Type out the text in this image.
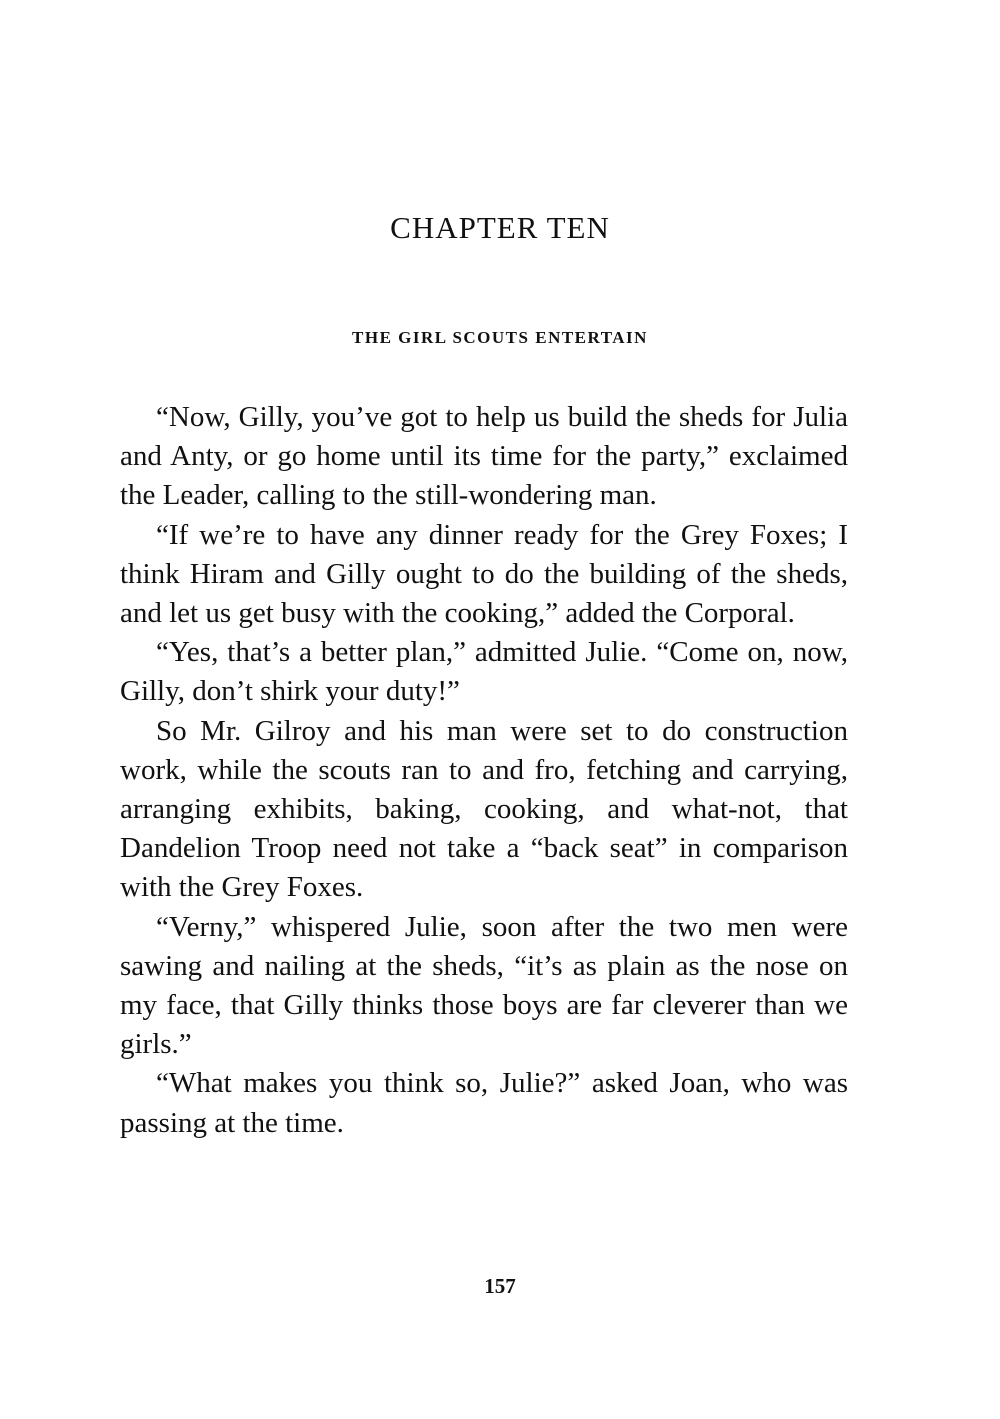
CHAPTER TEN
THE GIRL SCOUTS ENTERTAIN

“Now, Gilly, you’ve got to help us build the sheds for Julia and Anty, or go home until its time for the party,” exclaimed the Leader, calling to the still-wondering man.

“If we’re to have any dinner ready for the Grey Foxes; I think Hiram and Gilly ought to do the building of the sheds, and let us get busy with the cooking,” added the Corporal.

“Yes, that’s a better plan,” admitted Julie. “Come on, now, Gilly, don’t shirk your duty!”

So Mr. Gilroy and his man were set to do construction work, while the scouts ran to and fro, fetching and carrying, arranging exhibits, baking, cooking, and what-not, that Dandelion Troop need not take a “back seat” in comparison with the Grey Foxes.

“Verny,” whispered Julie, soon after the two men were sawing and nailing at the sheds, “it’s as plain as the nose on my face, that Gilly thinks those boys are far cleverer than we girls.”

“What makes you think so, Julie?” asked Joan, who was passing at the time.

157
